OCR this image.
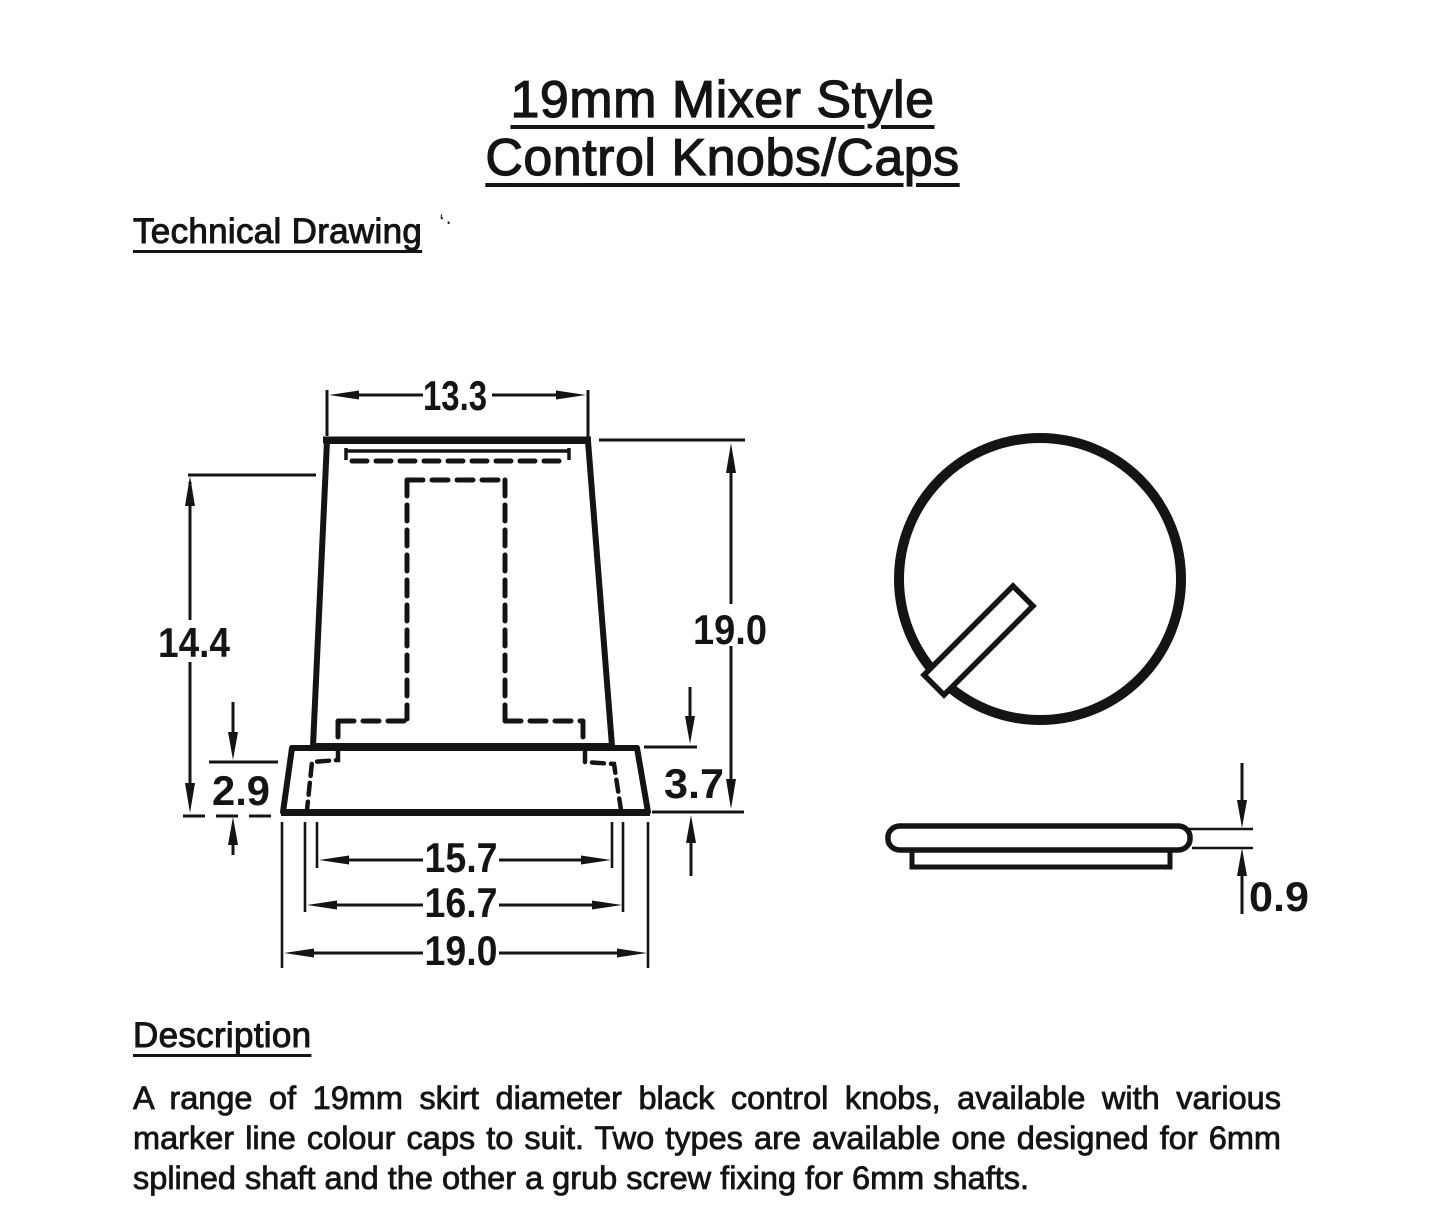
19mm Mixer Style
Control Knobs/Caps
Technical Drawing ‘·
13.3
14.4
2.9
19.0
3.7
15.7
16.7
19.0
0.9
Description
A range of 19mm skirt diameter black control knobs, available with various
marker line colour caps to suit. Two types are available one designed for 6mm
splined shaft and the other a grub screw fixing for 6mm shafts.
